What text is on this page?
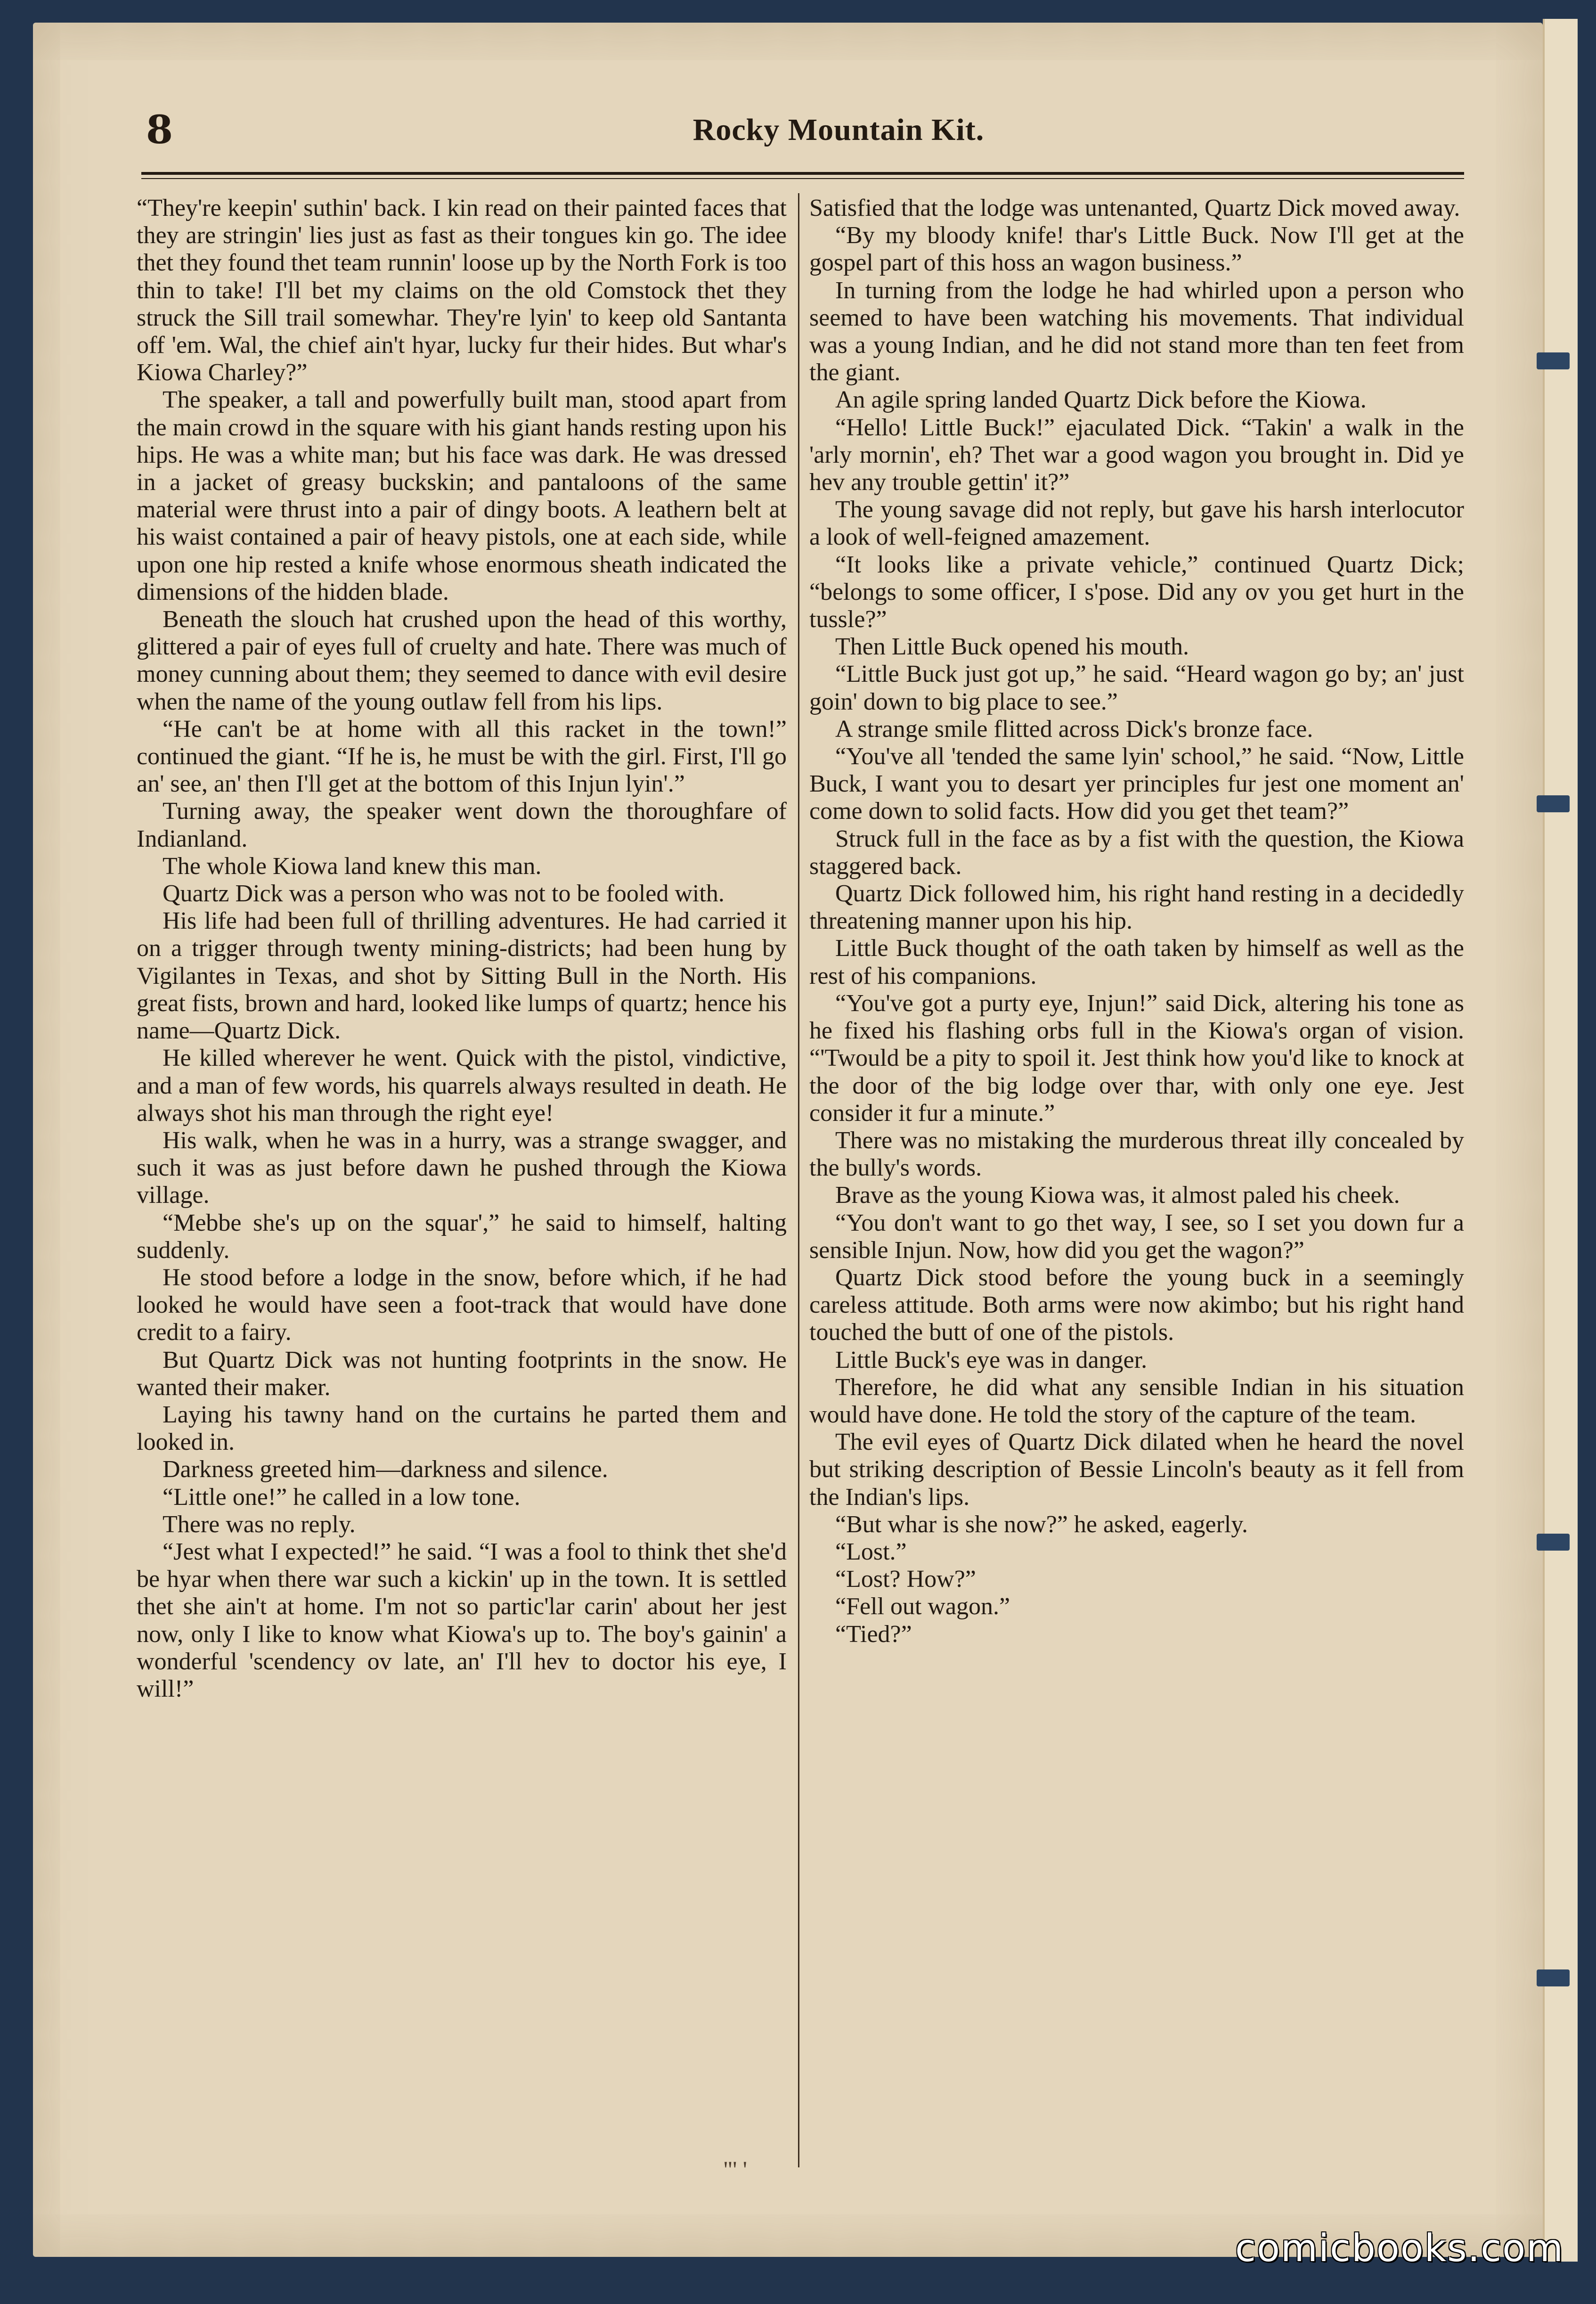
8	Rocky Mountain Kit.

“They're keepin' suthin' back. I kin read on their painted faces that they are stringin' lies just as fast as their tongues kin go. The idee thet they found thet team runnin' loose up by the North Fork is too thin to take! I'll bet my claims on the old Comstock thet they struck the Sill trail somewhar. They're lyin' to keep old Santanta off 'em. Wal, the chief ain't hyar, lucky fur their hides. But whar's Kiowa Charley?”

The speaker, a tall and powerfully built man, stood apart from the main crowd in the square with his giant hands resting upon his hips. He was a white man; but his face was dark. He was dressed in a jacket of greasy buckskin; and pantaloons of the same material were thrust into a pair of dingy boots. A leathern belt at his waist contained a pair of heavy pistols, one at each side, while upon one hip rested a knife whose enormous sheath indicated the dimensions of the hidden blade.

Beneath the slouch hat crushed upon the head of this worthy, glittered a pair of eyes full of cruelty and hate. There was much of money cunning about them; they seemed to dance with evil desire when the name of the young outlaw fell from his lips.

“He can't be at home with all this racket in the town!” continued the giant. “If he is, he must be with the girl. First, I'll go an' see, an' then I'll get at the bottom of this Injun lyin'.”

Turning away, the speaker went down the thoroughfare of Indianland.

The whole Kiowa land knew this man.

Quartz Dick was a person who was not to be fooled with.

His life had been full of thrilling adventures. He had carried it on a trigger through twenty mining-districts; had been hung by Vigilantes in Texas, and shot by Sitting Bull in the North. His great fists, brown and hard, looked like lumps of quartz; hence his name—Quartz Dick.

He killed wherever he went. Quick with the pistol, vindictive, and a man of few words, his quarrels always resulted in death. He always shot his man through the right eye!

His walk, when he was in a hurry, was a strange swagger, and such it was as just before dawn he pushed through the Kiowa village.

“Mebbe she's up on the squar',” he said to himself, halting suddenly.

He stood before a lodge in the snow, before which, if he had looked he would have seen a foot-track that would have done credit to a fairy.

But Quartz Dick was not hunting footprints in the snow. He wanted their maker.

Laying his tawny hand on the curtains he parted them and looked in.

Darkness greeted him—darkness and silence.

“Little one!” he called in a low tone.

There was no reply.

“Jest what I expected!” he said. “I was a fool to think thet she'd be hyar when there war such a kickin' up in the town. It is settled thet she ain't at home. I'm not so partic'lar carin' about her jest now, only I like to know what Kiowa's up to. The boy's gainin' a wonderful 'scendency ov late, an' I'll hev to doctor his eye, I will!”

Satisfied that the lodge was untenanted, Quartz Dick moved away.

“By my bloody knife! thar's Little Buck. Now I'll get at the gospel part of this hoss an wagon business.”

In turning from the lodge he had whirled upon a person who seemed to have been watching his movements. That individual was a young Indian, and he did not stand more than ten feet from the giant.

An agile spring landed Quartz Dick before the Kiowa.

“Hello! Little Buck!” ejaculated Dick. “Takin' a walk in the 'arly mornin', eh? Thet war a good wagon you brought in. Did ye hev any trouble gettin' it?”

The young savage did not reply, but gave his harsh interlocutor a look of well-feigned amazement.

“It looks like a private vehicle,” continued Quartz Dick; “belongs to some officer, I s'pose. Did any ov you get hurt in the tussle?”

Then Little Buck opened his mouth.

“Little Buck just got up,” he said. “Heard wagon go by; an' just goin' down to big place to see.”

A strange smile flitted across Dick's bronze face.

“You've all 'tended the same lyin' school,” he said. “Now, Little Buck, I want you to desart yer principles fur jest one moment an' come down to solid facts. How did you get thet team?”

Struck full in the face as by a fist with the question, the Kiowa staggered back.

Quartz Dick followed him, his right hand resting in a decidedly threatening manner upon his hip.

Little Buck thought of the oath taken by himself as well as the rest of his companions.

“You've got a purty eye, Injun!” said Dick, altering his tone as he fixed his flashing orbs full in the Kiowa's organ of vision. “'Twould be a pity to spoil it. Jest think how you'd like to knock at the door of the big lodge over thar, with only one eye. Jest consider it fur a minute.”

There was no mistaking the murderous threat illy concealed by the bully's words.

Brave as the young Kiowa was, it almost paled his cheek.

“You don't want to go thet way, I see, so I set you down fur a sensible Injun. Now, how did you get the wagon?”

Quartz Dick stood before the young buck in a seemingly careless attitude. Both arms were now akimbo; but his right hand touched the butt of one of the pistols.

Little Buck's eye was in danger.

Therefore, he did what any sensible Indian in his situation would have done. He told the story of the capture of the team.

The evil eyes of Quartz Dick dilated when he heard the novel but striking description of Bessie Lincoln's beauty as it fell from the Indian's lips.

“But whar is she now?” he asked, eagerly.

“Lost.”

“Lost? How?”

“Fell out wagon.”

“Tied?”

"' '

comicbooks.com
